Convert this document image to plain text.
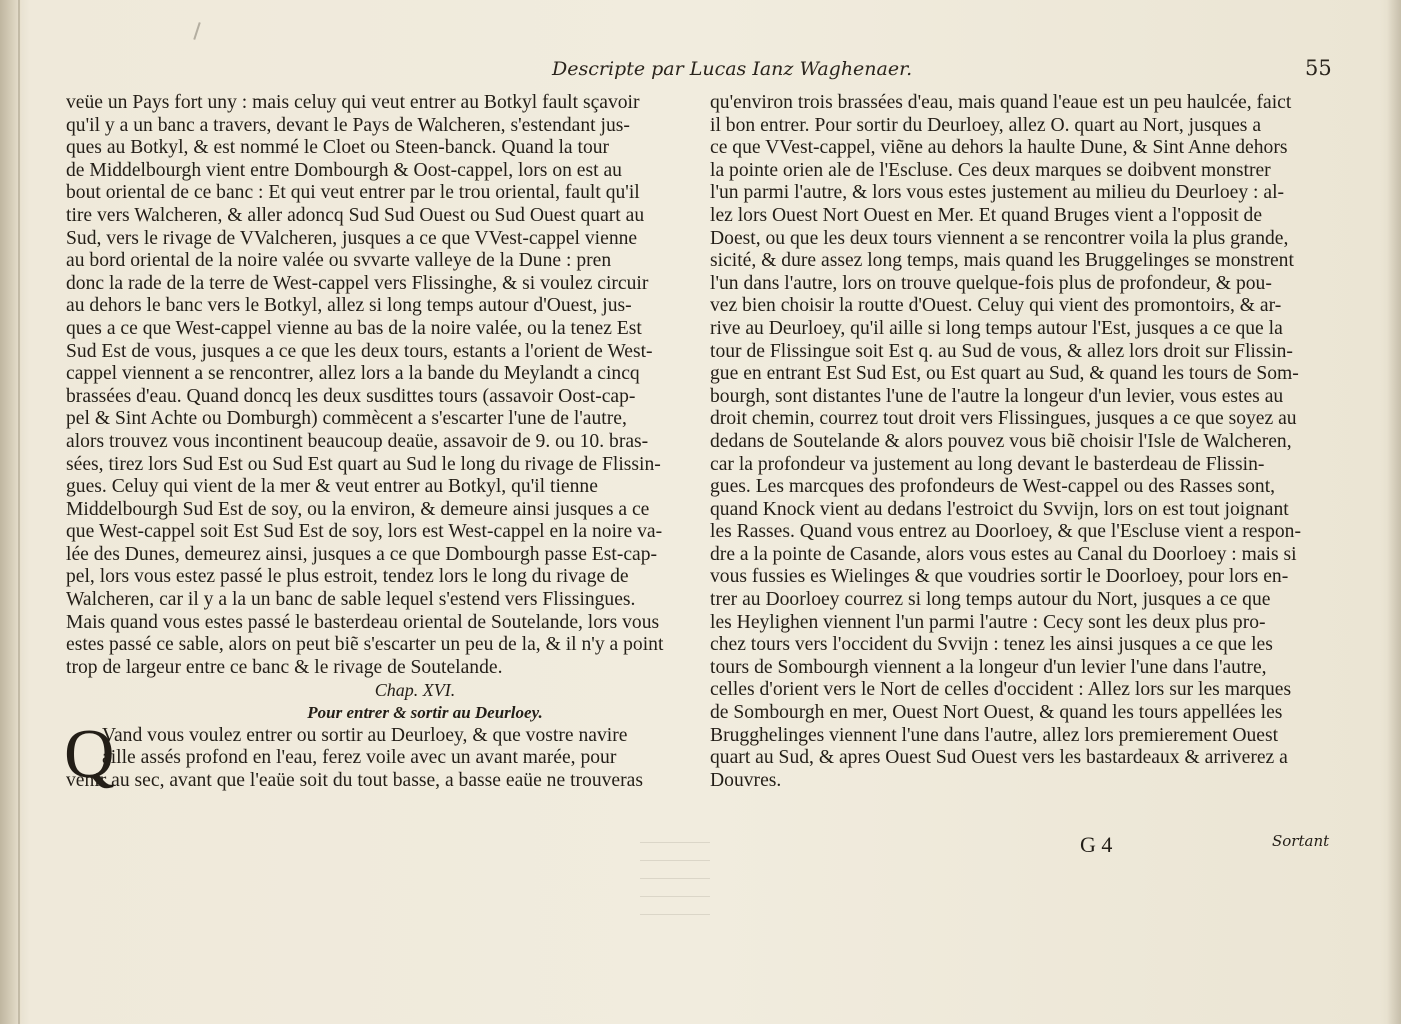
Descripte par Lucas Ianz Waghenaer.	55
veüe un Pays fort uny : mais celuy qui veut entrer au Botkyl fault sçavoir
qu'il y a un banc a travers, devant le Pays de Walcheren, s'estendant jus-
ques au Botkyl, & est nommé le Cloet ou Steen-banck. Quand la tour
de Middelbourgh vient entre Dombourgh & Oost-cappel, lors on est au
bout oriental de ce banc : Et qui veut entrer par le trou oriental, fault qu'il
tire vers Walcheren, & aller adoncq Sud Sud Ouest ou Sud Ouest quart au
Sud, vers le rivage de VValcheren, jusques a ce que VVest-cappel vienne
au bord oriental de la noire valée ou svvarte valleye de la Dune : pren
donc la rade de la terre de West-cappel vers Flissinghe, & si voulez circuir
au dehors le banc vers le Botkyl, allez si long temps autour d'Ouest, jus-
ques a ce que West-cappel vienne au bas de la noire valée, ou la tenez Est
Sud Est de vous, jusques a ce que les deux tours, estants a l'orient de West-
cappel viennent a se rencontrer, allez lors a la bande du Meylandt a cincq
brassées d'eau. Quand doncq les deux susdittes tours (assavoir Oost-cap-
pel & Sint Achte ou Domburgh) commècent a s'escarter l'une de l'autre,
alors trouvez vous incontinent beaucoup deaüe, assavoir de 9. ou 10. bras-
sées, tirez lors Sud Est ou Sud Est quart au Sud le long du rivage de Flissin-
gues. Celuy qui vient de la mer & veut entrer au Botkyl, qu'il tienne
Middelbourgh Sud Est de soy, ou la environ, & demeure ainsi jusques a ce
que West-cappel soit Est Sud Est de soy, lors est West-cappel en la noire va-
lée des Dunes, demeurez ainsi, jusques a ce que Dombourgh passe Est-cap-
pel, lors vous estez passé le plus estroit, tendez lors le long du rivage de
Walcheren, car il y a la un banc de sable lequel s'estend vers Flissingues.
Mais quand vous estes passé le basterdeau oriental de Soutelande, lors vous
estes passé ce sable, alors on peut biẽ s'escarter un peu de la, & il n'y a point
trop de largeur entre ce banc & le rivage de Soutelande.
Chap. XVI.
Pour entrer & sortir au Deurloey.
Q
Vand vous voulez entrer ou sortir au Deurloey, & que vostre navire
aille assés profond en l'eau, ferez voile avec un avant marée, pour
venir au sec, avant que l'eaüe soit du tout basse, a basse eaüe ne trouveras
qu'environ trois brassées d'eau, mais quand l'eaue est un peu haulcée, faict
il bon entrer. Pour sortir du Deurloey, allez O. quart au Nort, jusques a
ce que VVest-cappel, viẽne au dehors la haulte Dune, & Sint Anne dehors
la pointe orien ale de l'Escluse. Ces deux marques se doibvent monstrer
l'un parmi l'autre, & lors vous estes justement au milieu du Deurloey : al-
lez lors Ouest Nort Ouest en Mer. Et quand Bruges vient a l'opposit de
Doest, ou que les deux tours viennent a se rencontrer voila la plus grande,
sicité, & dure assez long temps, mais quand les Bruggelinges se monstrent
l'un dans l'autre, lors on trouve quelque-fois plus de profondeur, & pou-
vez bien choisir la routte d'Ouest. Celuy qui vient des promontoirs, & ar-
rive au Deurloey, qu'il aille si long temps autour l'Est, jusques a ce que la
tour de Flissingue soit Est q. au Sud de vous, & allez lors droit sur Flissin-
gue en entrant Est Sud Est, ou Est quart au Sud, & quand les tours de Som-
bourgh, sont distantes l'une de l'autre la longeur d'un levier, vous estes au
droit chemin, courrez tout droit vers Flissingues, jusques a ce que soyez au
dedans de Soutelande & alors pouvez vous biẽ choisir l'Isle de Walcheren,
car la profondeur va justement au long devant le basterdeau de Flissin-
gues. Les marcques des profondeurs de West-cappel ou des Rasses sont,
quand Knock vient au dedans l'estroict du Svvijn, lors on est tout joignant
les Rasses. Quand vous entrez au Doorloey, & que l'Escluse vient a respon-
dre a la pointe de Casande, alors vous estes au Canal du Doorloey : mais si
vous fussies es Wielinges & que voudries sortir le Doorloey, pour lors en-
trer au Doorloey courrez si long temps autour du Nort, jusques a ce que
les Heylighen viennent l'un parmi l'autre : Cecy sont les deux plus pro-
chez tours vers l'occident du Svvijn : tenez les ainsi jusques a ce que les
tours de Sombourgh viennent a la longeur d'un levier l'une dans l'autre,
celles d'orient vers le Nort de celles d'occident : Allez lors sur les marques
de Sombourgh en mer, Ouest Nort Ouest, & quand les tours appellées les
Brugghelinges viennent l'une dans l'autre, allez lors premierement Ouest
quart au Sud, & apres Ouest Sud Ouest vers les bastardeaux & arriverez a
Douvres.
G 4	Sortant
